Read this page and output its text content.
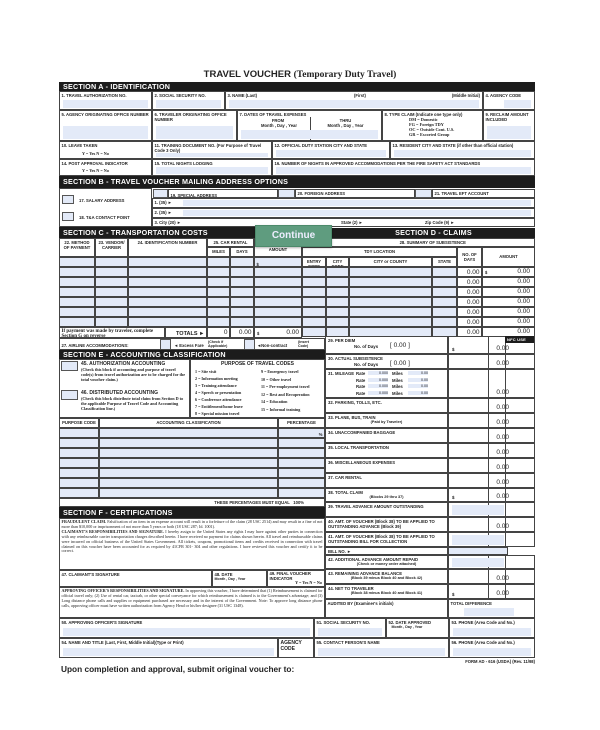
TRAVEL VOUCHER (Temporary Duty Travel)
SECTION A - IDENTIFICATION
1. TRAVEL AUTHORIZATION NO.	2. SOCIAL SECURITY NO.	3. NAME (Last)	(First)	(Middle Initial)	4. AGENCY CODE
5. AGENCY ORIGINATING OFFICE NUMBER	6. TRAVELER ORIGINATING OFFICE NUMBER
7. DATES OF TRAVEL EXPENSES
FROM
Month , Day , Year
THRU
Month , Day , Year
8. TYPE CLAIM (Indicate one type only)
DM = Domestic
FG = Foreign TDY
OC = Outside Cont. U.S.
GR = Escorted Group
9. RECLAIM AMOUNT INCLUDED
10. LEAVE TAKEN
Y = Yes N = No
11. TRAINING DOCUMENT NO. (For Purpose of Travel Code 3 Only)
12. OFFICIAL DUTY STATION CITY AND STATE	13. RESIDENT CITY AND STATE (if other than official station)
14. POST APPROVAL INDICATOR
Y = Yes N = No
15. TOTAL NIGHTS LODGING	16. NUMBER OF NIGHTS IN APPROVED ACCOMMODATIONS PER THE FIRE SAFETY ACT STANDARDS
SECTION B - TRAVEL VOUCHER MAILING ADDRESS OPTIONS
17. SALARY ADDRESS
18. T&A CONTACT POINT
19. SPECIAL ADDRESS	20. FOREIGN ADDRESS	21. TRAVEL EFT ACCOUNT
1. (35) ►
2. (35) ►
3. City (20) ►	State (2) ►	Zip Code (9) ►
SECTION C - TRANSPORTATION COSTS	Continue	SECTION D - CLAIMS
22. METHOD OF PAYMENT
23. VENDOR/ CARRIER
24. IDENTIFICATION NUMBER	25. CAR RENTAL
MILES	DAYS	AMOUNT
$
If payment was made by traveler, complete Section G on reverse	TOTALS ►	0	0.00	$	0.00
28. SUMMARY OF SUBSISTENCE
TDY LOCATION
NO. OF DAYS
AMOUNT
ENTRY CODE
CITY CODE
CITY or COUNTY	STATE
0.00	$	0.00
0.00	0.00
0.00	0.00
0.00	0.00
0.00	0.00
0.00	0.00
0.00	0.00
27. AIRLINE ACCOMMODATIONS:	◄ Excess Fare
(Check if Applicable)	◄Non-contract
(Insert Code)
SECTION E - ACCOUNTING CLASSIFICATION
45. AUTHORIZATION ACCOUNTING
(Check this block if accounting and purpose of travel code(s) from travel authorization are to be charged for the total voucher claim.)
46. DISTRIBUTED ACCOUNTING
(Check this block distribute total claim from Section D to the applicable Purpose of Travel Code and Accounting Classification line.)
PURPOSE OF TRAVEL CODES
1 = Site visit
2 = Information meeting
3 = Training attendance
4 = Speech or presentation
6 = Conference attendance
7 = Entitlement/home leave
8 = Special mission travel
9 = Emergency travel
10 = Other travel
11 = Pre-employment travel
12 = Rest and Recuperation
14 = Education
15 = Informal training
PURPOSE CODE	ACCOUNTING CLASSIFICATION	PERCENTAGE
%
THESE PERCENTAGES MUST EQUAL 100%
SECTION F - CERTIFICATIONS
FRAUDULENT CLAIM. Falsification of an item in an expense account will result in a forfeiture of the claim (28 USC 2514) and may result in a fine of not more than $10,000 or imprisonment of not more than 5 years or both (18 USC 287; Id. 1001).
CLAIMANT'S RESPONSIBILITIES AND SIGNATURE. I hereby assign to the United States any rights I may have against other parties in connection with any reimbursable carrier transportation charges described herein. I have received no payment for claims shown herein. All travel and reimbursable claims were incurred on official business of the United States Government. All tickets, coupons, promotional items and credits received in connection with travel claimed on this voucher have been accounted for as required by 41CFR 301- 304 and other regulations. I have reviewed this voucher and certify it to be correct.
47. CLAIMANT'S SIGNATURE	48. DATE
Month , Day , Year
49. FINAL VOUCHER INDICATOR
Y = Yes N = No
APPROVING OFFICER'S RESPONSIBILITIES AND SIGNATURE. In approving this voucher, I have determined that (1) Reimbursement is claimed for official travel only; (2) Use of rental car, taxicab, or other special conveyance for which reimbursement is claimed is to the Government's advantage; and (3) Long distance phone calls and supplies or equipment purchased are necessary and in the interest of the Government. Note: To approve long distance phone calls, approving officer must have written authorization from Agency Head or his/her designee (31 USC 1348).
50. APPROVING OFFICER'S SIGNATURE
54. NAME AND TITLE (Last, First, Middle Initial)(Type or Print)	AGENCY CODE
29. PER DIEM
No. of Days [ 0.00 ]
$	0.00
30. ACTUAL SUBSISTENCE
No. of Days [ 0.00 ]	0.00
31. MILEAGE Rate	0.000 Miles	0.00
Rate	0.000 Miles	0.00
Rate	0.000 Miles	0.00
Rate	0.000 Miles	0.00	0.00
32. PARKING, TOLLS, ETC.
0.00
33. PLANE, BUS, TRAIN
(Paid by Traveler)	0.00
34. UNACCOMPANIED BAGGAGE
0.00
35. LOCAL TRANSPORTATION
0.00
36. MISCELLANEOUS EXPENSES
0.00
37. CAR RENTAL
0.00
38. TOTAL CLAIM
(Blocks 29 thru 37)	$	0.00
39. TRAVEL ADVANCE AMOUNT OUTSTANDING
40. AMT. OF VOUCHER (Block 38) TO BE APPLIED TO OUTSTANDING ADVANCE (Block 39)	0.00
41. AMT. OF VOUCHER (Block 38) TO BE APPLIED TO OUTSTANDING BILL FOR COLLECTION
BILL NO. ►
42. ADDITIONAL ADVANCE AMOUNT REPAID
(Check or money order attached)
43. REMAINING ADVANCE BALANCE
(Block 39 minus Block 40 and Block 42)	0.00
44. NET TO TRAVELER
(Block 38 minus Block 40 and Block 41)	$	0.00
NFC USE
AUDITED BY (Examiner's initials)	TOTAL DIFFERENCE
51. SOCIAL SECURITY NO.	52. DATE APPROVED
Month , Day , Year
53. PHONE (Area Code and No.)
55. CONTACT PERSON'S NAME	56. PHONE (Area Code and No.)
FORM AD - 616 (USDA) (Rev. 11/98)
Upon completion and approval, submit original voucher to:
